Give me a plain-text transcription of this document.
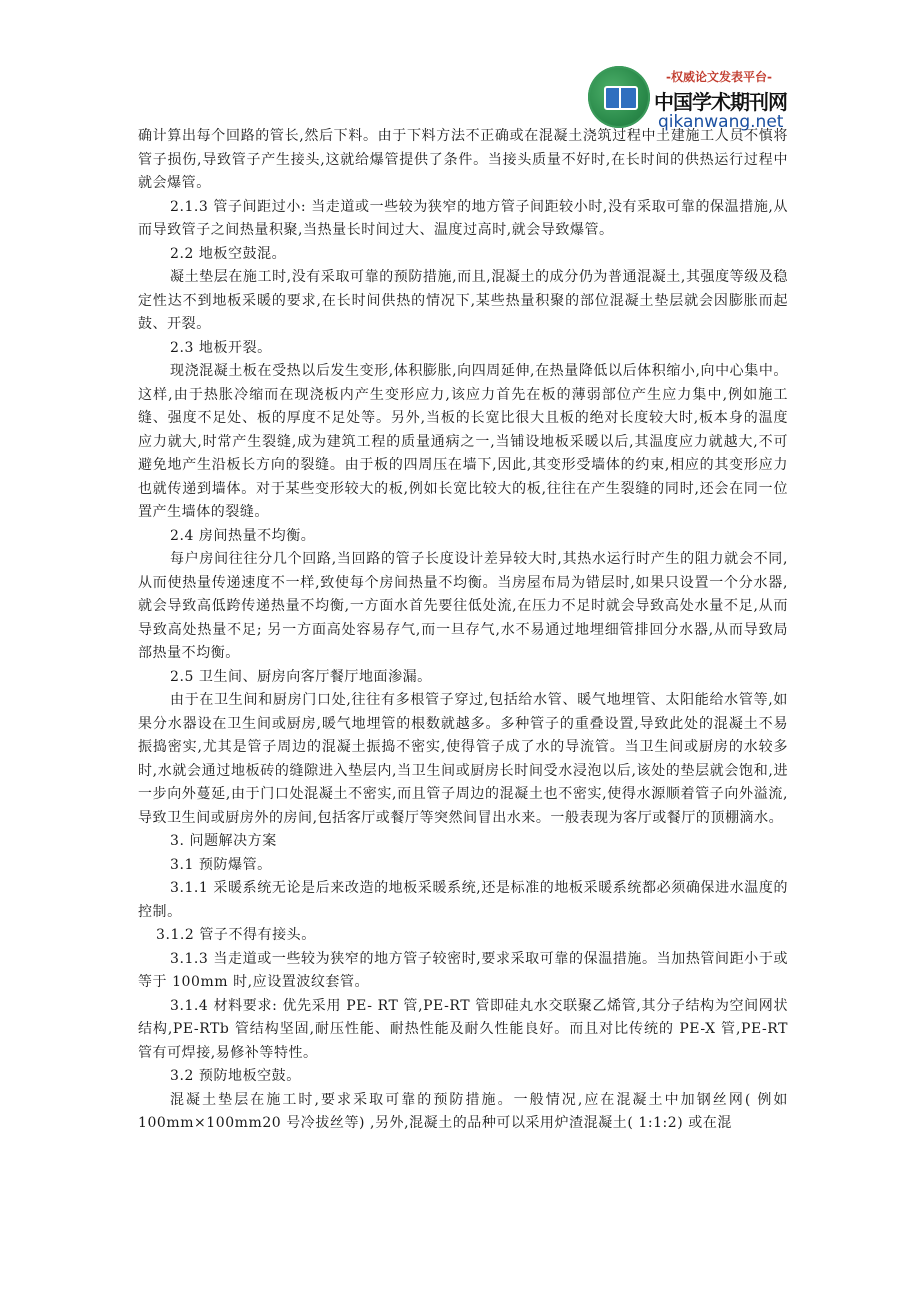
-权威论文发表平台-
中国学术期刊网
qikanwang.net

确计算出每个回路的管长,然后下料。由于下料方法不正确或在混凝土浇筑过程中土建施工人员不慎将管子损伤,导致管子产生接头,这就给爆管提供了条件。当接头质量不好时,在长时间的供热运行过程中就会爆管。

2.1.3 管子间距过小: 当走道或一些较为狭窄的地方管子间距较小时,没有采取可靠的保温措施,从而导致管子之间热量积聚,当热量长时间过大、温度过高时,就会导致爆管。

2.2 地板空鼓混。

凝土垫层在施工时,没有采取可靠的预防措施,而且,混凝土的成分仍为普通混凝土,其强度等级及稳定性达不到地板采暖的要求,在长时间供热的情况下,某些热量积聚的部位混凝土垫层就会因膨胀而起鼓、开裂。

2.3 地板开裂。

现浇混凝土板在受热以后发生变形,体积膨胀,向四周延伸,在热量降低以后体积缩小,向中心集中。这样,由于热胀冷缩而在现浇板内产生变形应力,该应力首先在板的薄弱部位产生应力集中,例如施工缝、强度不足处、板的厚度不足处等。另外,当板的长宽比很大且板的绝对长度较大时,板本身的温度应力就大,时常产生裂缝,成为建筑工程的质量通病之一,当铺设地板采暖以后,其温度应力就越大,不可避免地产生沿板长方向的裂缝。由于板的四周压在墙下,因此,其变形受墙体的约束,相应的其变形应力也就传递到墙体。对于某些变形较大的板,例如长宽比较大的板,往往在产生裂缝的同时,还会在同一位置产生墙体的裂缝。

2.4 房间热量不均衡。

每户房间往往分几个回路,当回路的管子长度设计差异较大时,其热水运行时产生的阻力就会不同,从而使热量传递速度不一样,致使每个房间热量不均衡。当房屋布局为错层时,如果只设置一个分水器,就会导致高低跨传递热量不均衡,一方面水首先要往低处流,在压力不足时就会导致高处水量不足,从而导致高处热量不足; 另一方面高处容易存气,而一旦存气,水不易通过地埋细管排回分水器,从而导致局部热量不均衡。

2.5 卫生间、厨房向客厅餐厅地面渗漏。

由于在卫生间和厨房门口处,往往有多根管子穿过,包括给水管、暖气地埋管、太阳能给水管等,如果分水器设在卫生间或厨房,暖气地埋管的根数就越多。多种管子的重叠设置,导致此处的混凝土不易振捣密实,尤其是管子周边的混凝土振捣不密实,使得管子成了水的导流管。当卫生间或厨房的水较多时,水就会通过地板砖的缝隙进入垫层内,当卫生间或厨房长时间受水浸泡以后,该处的垫层就会饱和,进一步向外蔓延,由于门口处混凝土不密实,而且管子周边的混凝土也不密实,使得水源顺着管子向外溢流,导致卫生间或厨房外的房间,包括客厅或餐厅等突然间冒出水来。一般表现为客厅或餐厅的顶棚滴水。

3. 问题解决方案

3.1 预防爆管。

3.1.1 采暖系统无论是后来改造的地板采暖系统,还是标准的地板采暖系统都必须确保进水温度的控制。

3.1.2 管子不得有接头。

3.1.3 当走道或一些较为狭窄的地方管子较密时,要求采取可靠的保温措施。当加热管间距小于或等于 100mm 时,应设置波纹套管。

3.1.4 材料要求: 优先采用 PE- RT 管,PE-RT 管即硅丸水交联聚乙烯管,其分子结构为空间网状结构,PE-RTb 管结构坚固,耐压性能、耐热性能及耐久性能良好。而且对比传统的 PE-X 管,PE-RT 管有可焊接,易修补等特性。

3.2 预防地板空鼓。

混凝土垫层在施工时,要求采取可靠的预防措施。一般情况,应在混凝土中加钢丝网( 例如 100mm×100mm20 号冷拔丝等) ,另外,混凝土的品种可以采用炉渣混凝土( 1:1:2) 或在混
